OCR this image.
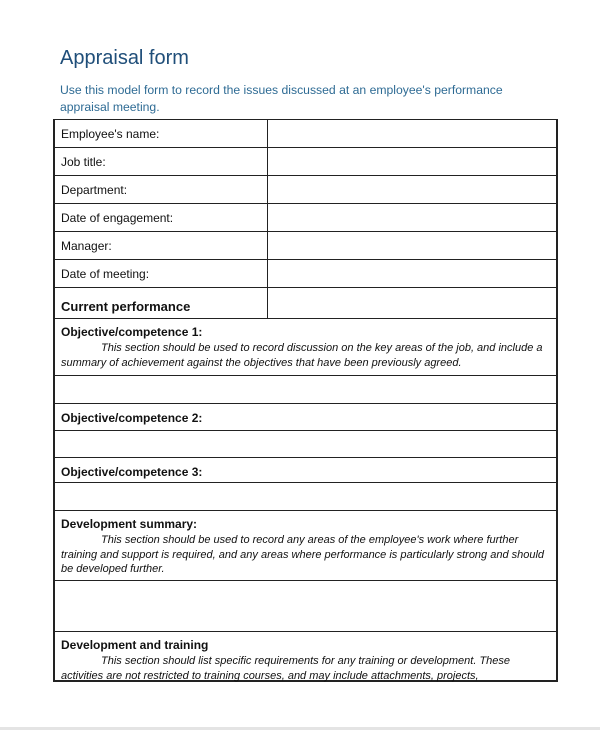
Appraisal form
Use this model form to record the issues discussed at an employee's performance appraisal meeting.
Employee's name:
Job title:
Department:
Date of engagement:
Manager:
Date of meeting:
Current performance
Objective/competence 1:
This section should be used to record discussion on the key areas of the job, and include a summary of achievement against the objectives that have been previously agreed.
Objective/competence 2:
Objective/competence 3:
Development summary:
This section should be used to record any areas of the employee's work where further training and support is required, and any areas where performance is particularly strong and should be developed further.
Development and training
This section should list specific requirements for any training or development. These activities are not restricted to training courses, and may include attachments, projects,
